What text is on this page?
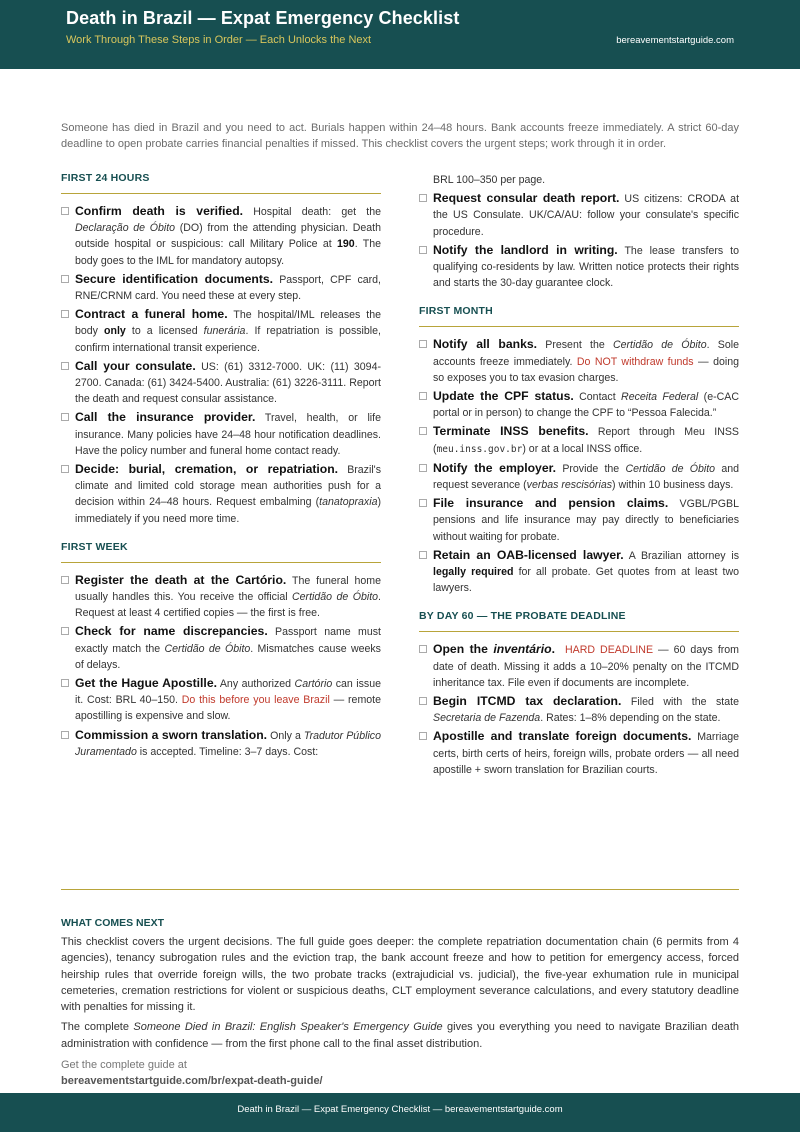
Death in Brazil — Expat Emergency Checklist
Work Through These Steps in Order — Each Unlocks the Next	bereavementstartguide.com
Someone has died in Brazil and you need to act. Burials happen within 24–48 hours. Bank accounts freeze immediately. A strict 60-day deadline to open probate carries financial penalties if missed. This checklist covers the urgent steps; work through it in order.
FIRST 24 HOURS
Confirm death is verified. Hospital death: get the Declaração de Óbito (DO) from the attending physician. Death outside hospital or suspicious: call Military Police at 190. The body goes to the IML for mandatory autopsy.
Secure identification documents. Passport, CPF card, RNE/CRNM card. You need these at every step.
Contract a funeral home. The hospital/IML releases the body only to a licensed funerária. If repatriation is possible, confirm international transit experience.
Call your consulate. US: (61) 3312-7000. UK: (11) 3094-2700. Canada: (61) 3424-5400. Australia: (61) 3226-3111. Report the death and request consular assistance.
Call the insurance provider. Travel, health, or life insurance. Many policies have 24–48 hour notification deadlines. Have the policy number and funeral home contact ready.
Decide: burial, cremation, or repatriation. Brazil's climate and limited cold storage mean authorities push for a decision within 24–48 hours. Request embalming (tanatopraxia) immediately if you need more time.
FIRST WEEK
Register the death at the Cartório. The funeral home usually handles this. You receive the official Certidão de Óbito. Request at least 4 certified copies — the first is free.
Check for name discrepancies. Passport name must exactly match the Certidão de Óbito. Mismatches cause weeks of delays.
Get the Hague Apostille. Any authorized Cartório can issue it. Cost: BRL 40–150. Do this before you leave Brazil — remote apostilling is expensive and slow.
Commission a sworn translation. Only a Tradutor Público Juramentado is accepted. Timeline: 3–7 days. Cost:
BRL 100–350 per page.
Request consular death report. US citizens: CRODA at the US Consulate. UK/CA/AU: follow your consulate's specific procedure.
Notify the landlord in writing. The lease transfers to qualifying co-residents by law. Written notice protects their rights and starts the 30-day guarantee clock.
FIRST MONTH
Notify all banks. Present the Certidão de Óbito. Sole accounts freeze immediately. Do NOT withdraw funds — doing so exposes you to tax evasion charges.
Update the CPF status. Contact Receita Federal (e-CAC portal or in person) to change the CPF to “Pessoa Falecida.”
Terminate INSS benefits. Report through Meu INSS (meu.inss.gov.br) or at a local INSS office.
Notify the employer. Provide the Certidão de Óbito and request severance (verbas rescisórias) within 10 business days.
File insurance and pension claims. VGBL/PGBL pensions and life insurance may pay directly to beneficiaries without waiting for probate.
Retain an OAB-licensed lawyer. A Brazilian attorney is legally required for all probate. Get quotes from at least two lawyers.
BY DAY 60 — THE PROBATE DEADLINE
Open the inventário. HARD DEADLINE — 60 days from date of death. Missing it adds a 10–20% penalty on the ITCMD inheritance tax. File even if documents are incomplete.
Begin ITCMD tax declaration. Filed with the state Secretaria de Fazenda. Rates: 1–8% depending on the state.
Apostille and translate foreign documents. Marriage certs, birth certs of heirs, foreign wills, probate orders — all need apostille + sworn translation for Brazilian courts.
WHAT COMES NEXT

This checklist covers the urgent decisions. The full guide goes deeper: the complete repatriation documentation chain (6 permits from 4 agencies), tenancy subrogation rules and the eviction trap, the bank account freeze and how to petition for emergency access, forced heirship rules that override foreign wills, the two probate tracks (extrajudicial vs. judicial), the five-year exhumation rule in municipal cemeteries, cremation restrictions for violent or suspicious deaths, CLT employment severance calculations, and every statutory deadline with penalties for missing it.

The complete Someone Died in Brazil: English Speaker's Emergency Guide gives you everything you need to navigate Brazilian death administration with confidence — from the first phone call to the final asset distribution.

Get the complete guide at
bereavementstartguide.com/br/expat-death-guide/
Death in Brazil — Expat Emergency Checklist — bereavementstartguide.com
